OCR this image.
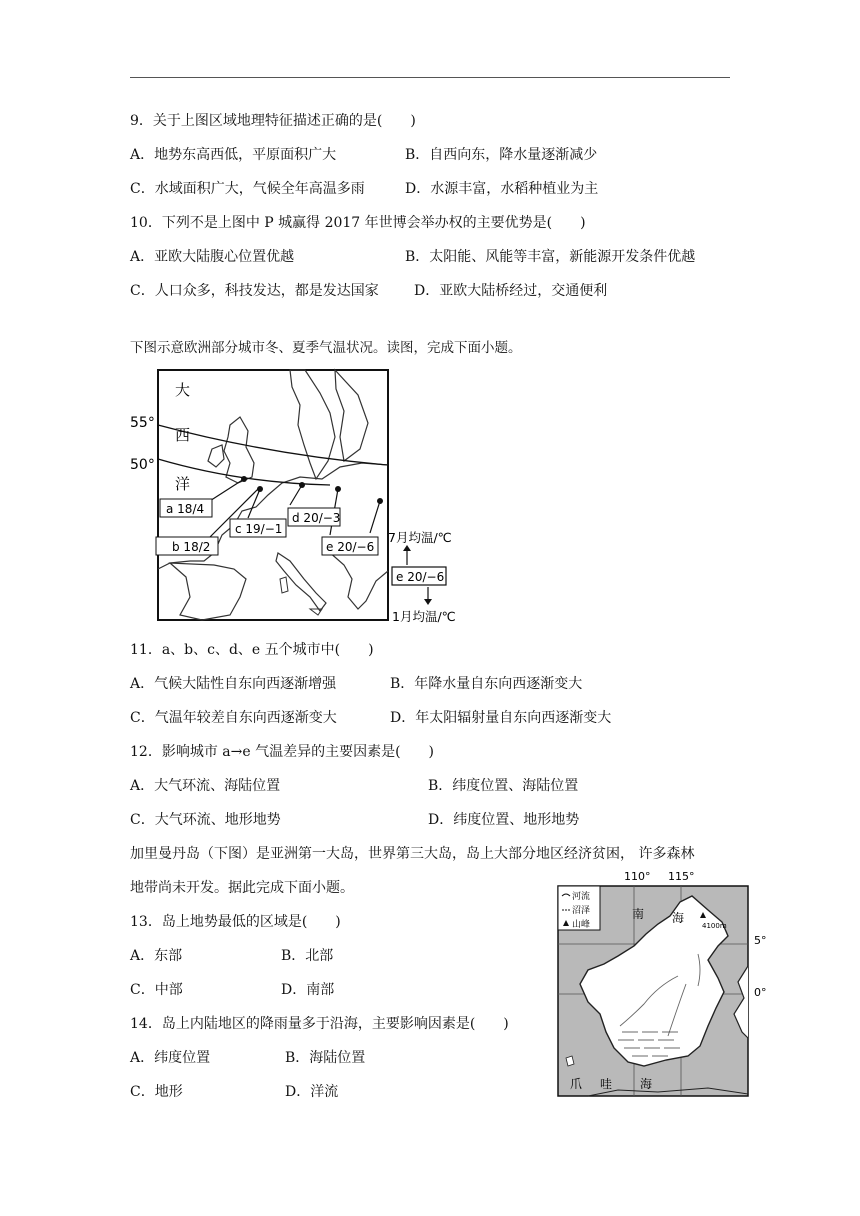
9．关于上图区域地理特征描述正确的是(　　)
A．地势东高西低，平原面积广大	B．自西向东，降水量逐渐减少
C．水域面积广大，气候全年高温多雨	D．水源丰富，水稻种植业为主
10．下列不是上图中 P 城赢得 2017 年世博会举办权的主要优势是(　　)
A．亚欧大陆腹心位置优越	B．太阳能、风能等丰富，新能源开发条件优越
C．人口众多，科技发达，都是发达国家	D．亚欧大陆桥经过，交通便利
下图示意欧洲部分城市冬、夏季气温状况。读图，完成下面小题。
大
西
洋
55°
50°
a 18/4
b 18/2
c 19/−1
d 20/−3
e 20/−6
7月均温/℃
e 20/−6
1月均温/℃
11．a、b、c、d、e 五个城市中(　　)
A．气候大陆性自东向西逐渐增强	B．年降水量自东向西逐渐变大
C．气温年较差自东向西逐渐变大	D．年太阳辐射量自东向西逐渐变大
12．影响城市 a→e 气温差异的主要因素是(　　)
A．大气环流、海陆位置	B．纬度位置、海陆位置
C．大气环流、地形地势	D．纬度位置、地形地势
加里曼丹岛（下图）是亚洲第一大岛，世界第三大岛，岛上大部分地区经济贫困， 许多森林
地带尚未开发。据此完成下面小题。
13．岛上地势最低的区域是(　　)
A．东部	B．北部
C．中部	D．南部
14．岛上内陆地区的降雨量多于沿海，主要影响因素是(　　)
A．纬度位置	B．海陆位置
C．地形	D．洋流
110° 115°
河流
沼泽
山峰	4100m
南 海
爪 哇 海
5°
0°
